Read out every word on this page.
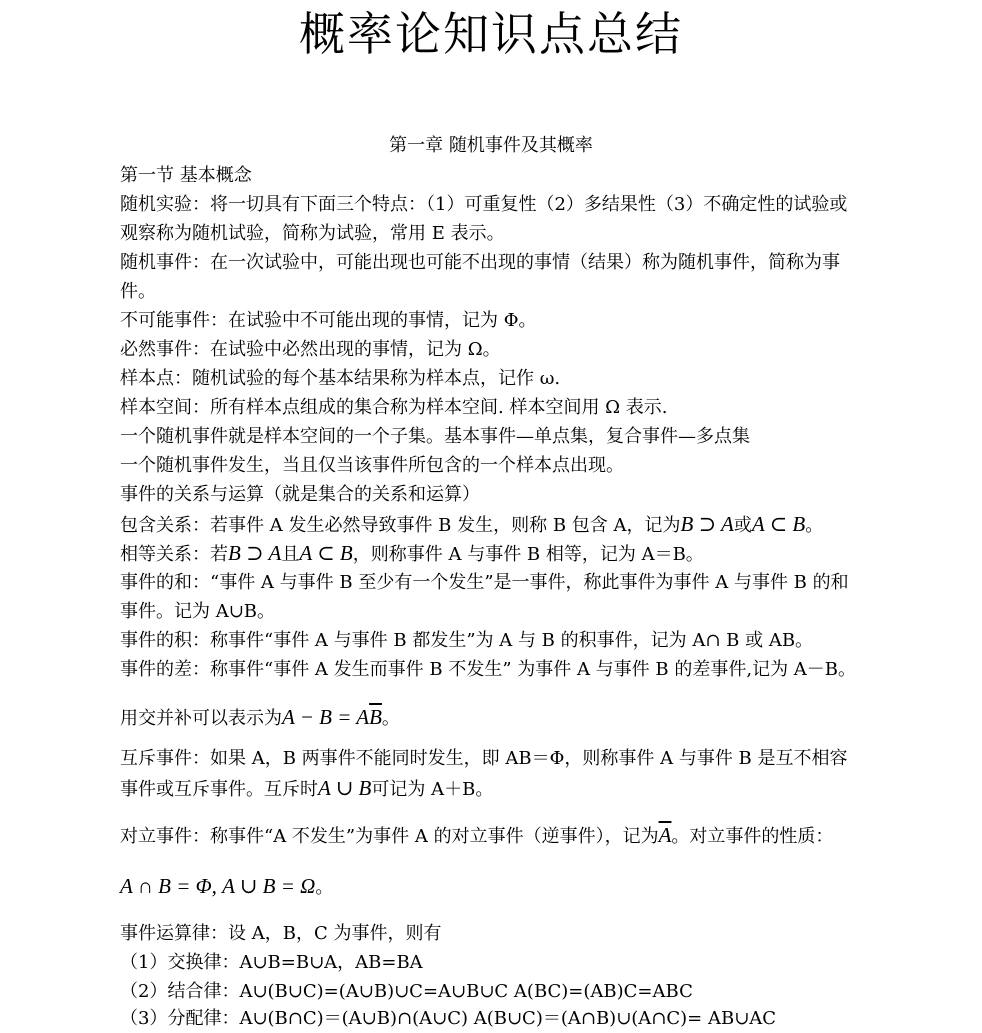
概率论知识点总结
第一章 随机事件及其概率
第一节 基本概念
随机实验：将一切具有下面三个特点：（1）可重复性（2）多结果性（3）不确定性的试验或
观察称为随机试验，简称为试验，常用 E 表示。
随机事件：在一次试验中，可能出现也可能不出现的事情（结果）称为随机事件，简称为事
件。
不可能事件：在试验中不可能出现的事情，记为 Φ。
必然事件：在试验中必然出现的事情，记为 Ω。
样本点：随机试验的每个基本结果称为样本点，记作 ω.
样本空间：所有样本点组成的集合称为样本空间. 样本空间用 Ω 表示.
一个随机事件就是样本空间的一个子集。基本事件—单点集，复合事件—多点集
一个随机事件发生，当且仅当该事件所包含的一个样本点出现。
事件的关系与运算（就是集合的关系和运算）
包含关系：若事件 A 发生必然导致事件 B 发生，则称 B 包含 A，记为B ⊃ A或A ⊂ B。
相等关系：若B ⊃ A且A ⊂ B，则称事件 A 与事件 B 相等，记为 A＝B。
事件的和：“事件 A 与事件 B 至少有一个发生”是一事件，称此事件为事件 A 与事件 B 的和
事件。记为 A∪B。
事件的积：称事件“事件 A 与事件 B 都发生”为 A 与 B 的积事件，记为 A∩ B 或 AB。
事件的差：称事件“事件 A 发生而事件 B 不发生” 为事件 A 与事件 B 的差事件,记为 A－B。
用交并补可以表示为$A - B = A\overline{B}$。
互斥事件：如果 A，B 两事件不能同时发生，即 AB＝Φ，则称事件 A 与事件 B 是互不相容
事件或互斥事件。互斥时A ∪ B可记为 A＋B。
对立事件：称事件“A 不发生”为事件 A 的对立事件（逆事件），记为$\overline{A}$。对立事件的性质：
A ∩ B = Φ, A ∪ B = Ω。
事件运算律：设 A，B，C 为事件，则有
（1）交换律：A∪B=B∪A，AB=BA
（2）结合律：A∪(B∪C)=(A∪B)∪C=A∪B∪C A(BC)=(AB)C=ABC
（3）分配律：A∪(B∩C)＝(A∪B)∩(A∪C) A(B∪C)＝(A∩B)∪(A∩C)= AB∪AC
